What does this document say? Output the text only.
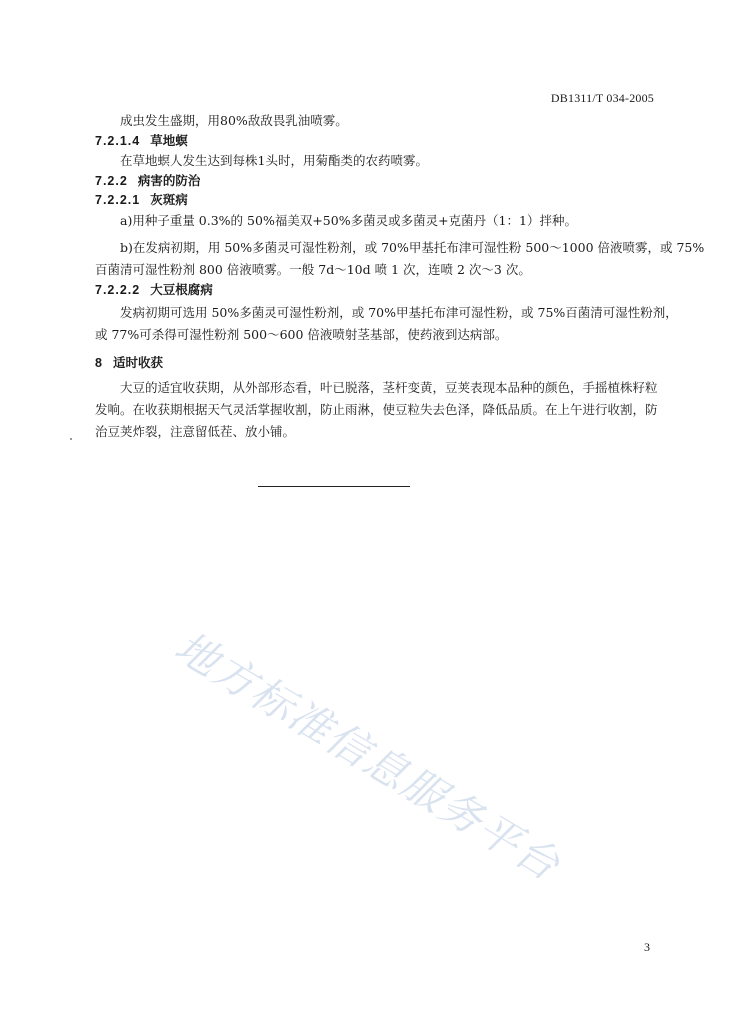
DB1311/T 034-2005
成虫发生盛期，用80%敌敌畏乳油喷雾。
7.2.1.4 草地螟
在草地螟人发生达到每株1头时，用菊酯类的农药喷雾。
7.2.2 病害的防治
7.2.2.1 灰斑病
a)用种子重量 0.3%的 50%福美双+50%多菌灵或多菌灵+克菌丹（1：1）拌种。
b)在发病初期，用 50%多菌灵可湿性粉剂，或 70%甲基托布津可湿性粉 500～1000 倍液喷雾，或 75%
百菌清可湿性粉剂 800 倍液喷雾。一般 7d～10d 喷 1 次，连喷 2 次～3 次。
7.2.2.2 大豆根腐病
发病初期可选用 50%多菌灵可湿性粉剂，或 70%甲基托布津可湿性粉，或 75%百菌清可湿性粉剂，
或 77%可杀得可湿性粉剂 500～600 倍液喷射茎基部，使药液到达病部。
8 适时收获
大豆的适宜收获期，从外部形态看，叶已脱落，茎杆变黄，豆荚表现本品种的颜色，手摇植株籽粒
发响。在收获期根据天气灵活掌握收割，防止雨淋，使豆粒失去色泽，降低品质。在上午进行收割，防
治豆荚炸裂，注意留低茬、放小铺。
地方标准信息服务平台
3
